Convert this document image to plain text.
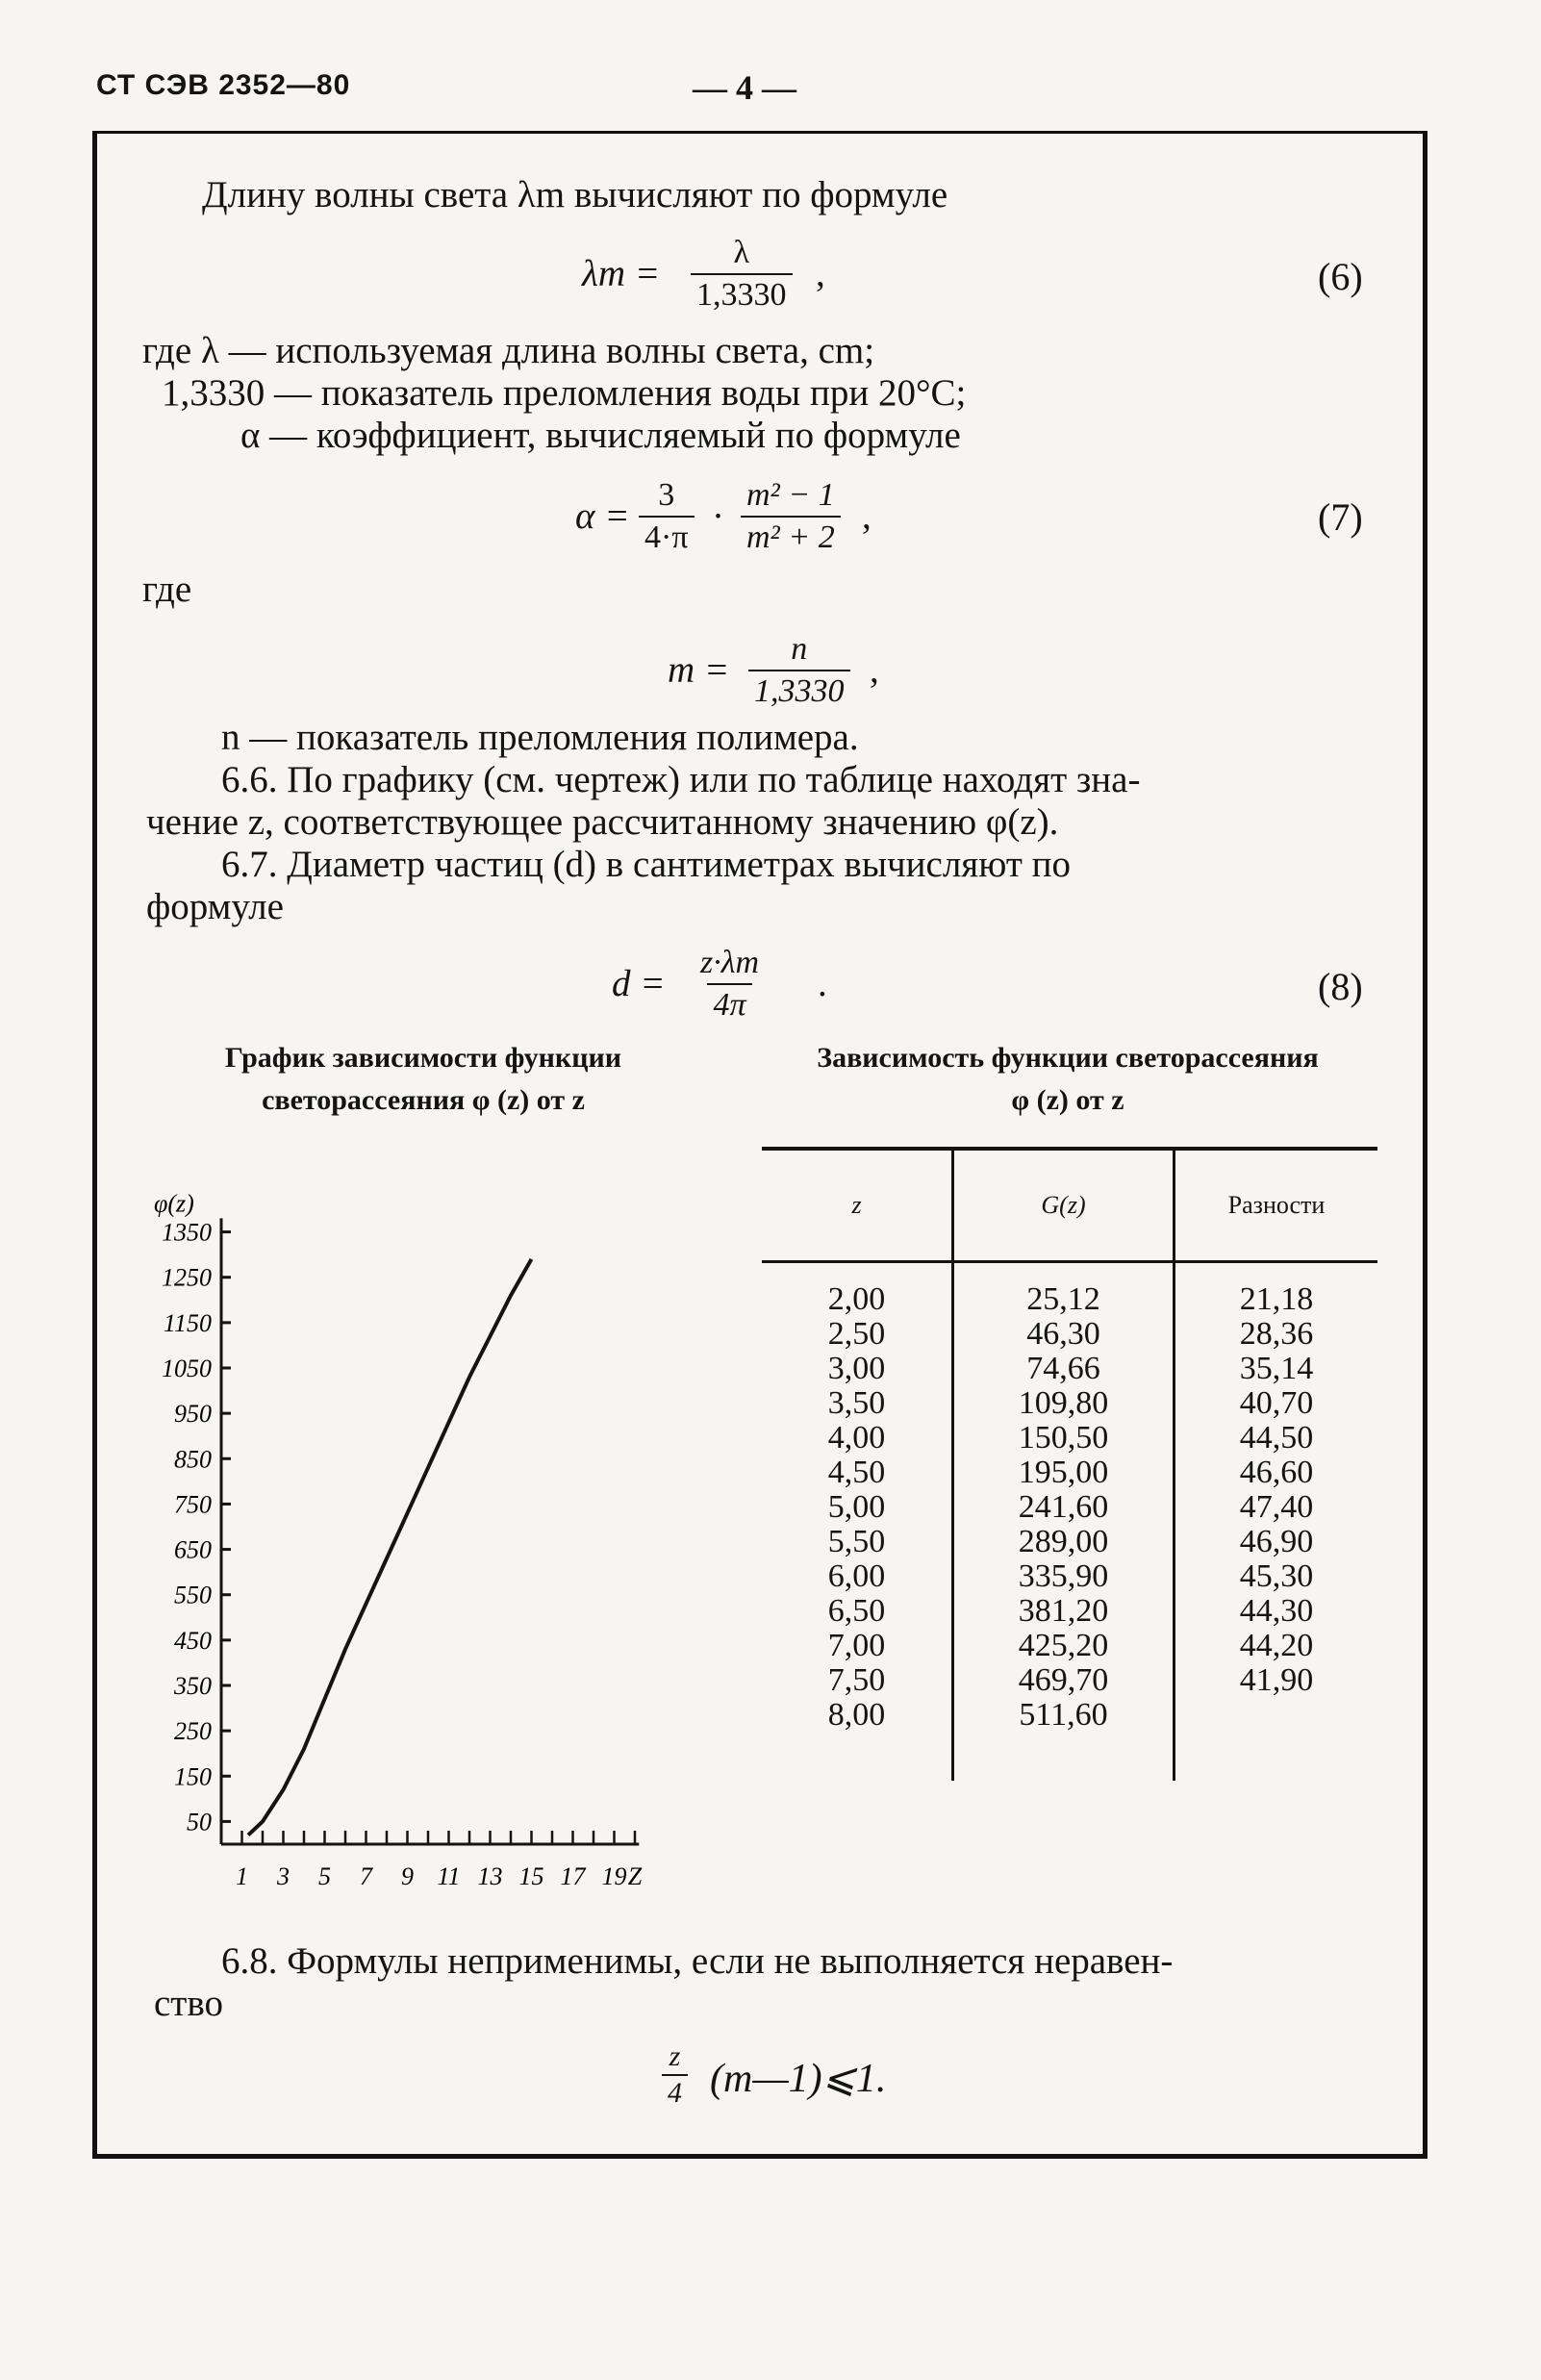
СТ СЭВ 2352—80	— 4 —
Длину волны света λm вычисляют по формуле
$\lambda m = \frac{\lambda}{1,3330}$ ,	(6)
где λ — используемая длина волны света, cm;
1,3330 — показатель преломления воды при 20°C;
α — коэффициент, вычисляемый по формуле
$\alpha = \frac{3}{4\cdot\pi} \cdot \frac{\text{m² − 1}}{\text{m² + 2}}$ ,	(7)
где
$m = \frac{n}{1,3330}$ ,
n — показатель преломления полимера.
6.6. По графику (см. чертеж) или по таблице находят зна-
чение z, соответствующее рассчитанному значению φ(z).
6.7. Диаметр частиц (d) в сантиметрах вычисляют по
формуле
$d = \frac{z\cdot\lambda m}{4\pi}$ .	(8)
График зависимости функции
светорассеяния φ (z) от z
Зависимость функции светорассеяния
φ (z) от z
φ(z)
1350
1250
1150
1050
950
850
750
650
550
450
350
250
150
50
1 3 5 7 9 11 13 15 17 19 Z
z	G(z)	Разности

2,00	25,12	21,18
2,50	46,30	28,36
3,00	74,66	35,14
3,50	109,80	40,70
4,00	150,50	44,50
4,50	195,00	46,60
5,00	241,60	47,40
5,50	289,00	46,90
6,00	335,90	45,30
6,50	381,20	44,30
7,00	425,20	44,20
7,50	469,70	41,90
8,00	511,60	

6.8. Формулы неприменимы, если не выполняется неравен-
ство
$\frac{z}{4}$ (m—1)⩽1.
